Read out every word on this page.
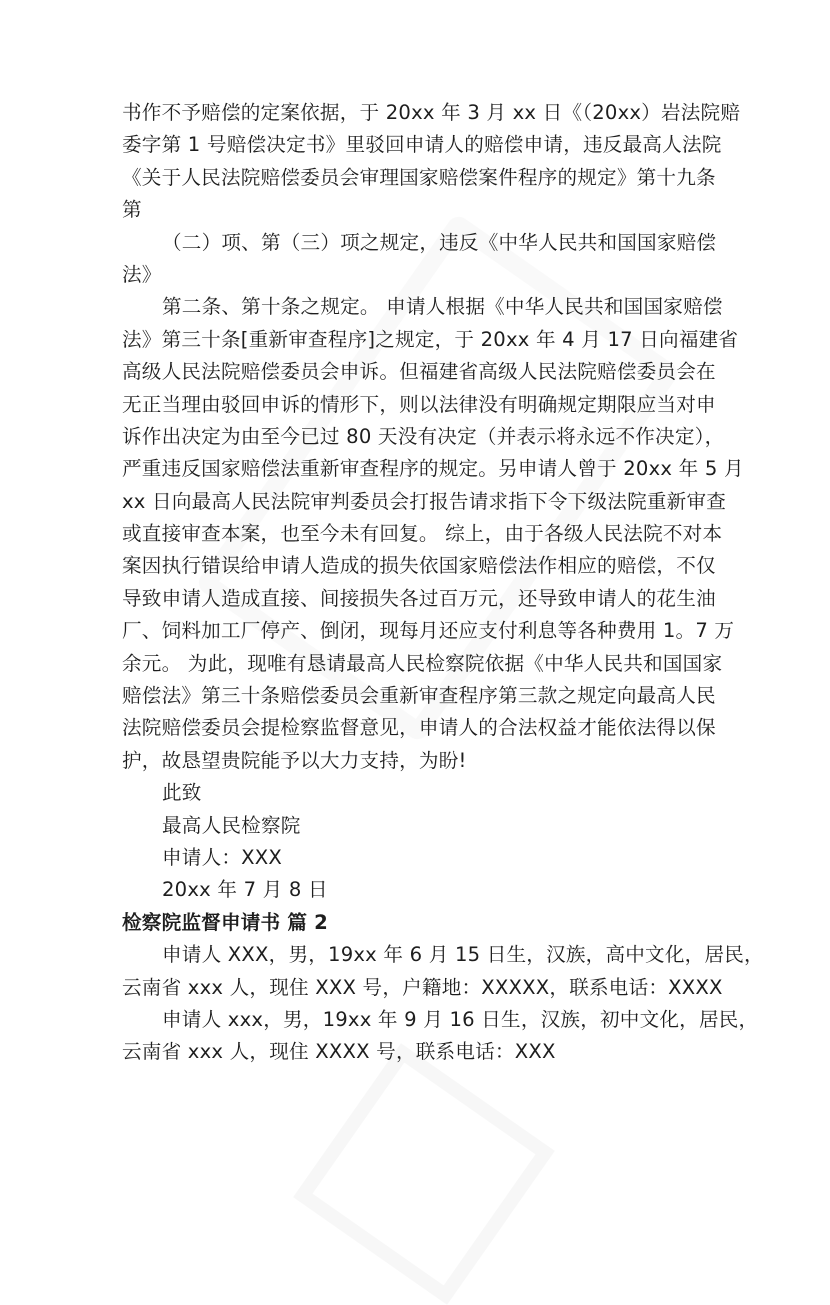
书作不予赔偿的定案依据，于 20xx 年 3 月 xx 日《（20xx）岩法院赔
委字第 1 号赔偿决定书》里驳回申请人的赔偿申请，违反最高人法院
《关于人民法院赔偿委员会审理国家赔偿案件程序的规定》第十九条
第
（二）项、第（三）项之规定，违反《中华人民共和国国家赔偿
法》
第二条、第十条之规定。 申请人根据《中华人民共和国国家赔偿
法》第三十条[重新审查程序]之规定，于 20xx 年 4 月 17 日向福建省
高级人民法院赔偿委员会申诉。但福建省高级人民法院赔偿委员会在
无正当理由驳回申诉的情形下，则以法律没有明确规定期限应当对申
诉作出决定为由至今已过 80 天没有决定（并表示将永远不作决定），
严重违反国家赔偿法重新审查程序的规定。另申请人曾于 20xx 年 5 月
xx 日向最高人民法院审判委员会打报告请求指下令下级法院重新审查
或直接审查本案，也至今未有回复。 综上，由于各级人民法院不对本
案因执行错误给申请人造成的损失依国家赔偿法作相应的赔偿，不仅
导致申请人造成直接、间接损失各过百万元，还导致申请人的花生油
厂、饲料加工厂停产、倒闭，现每月还应支付利息等各种费用 1。7 万
余元。 为此，现唯有恳请最高人民检察院依据《中华人民共和国国家
赔偿法》第三十条赔偿委员会重新审查程序第三款之规定向最高人民
法院赔偿委员会提检察监督意见，申请人的合法权益才能依法得以保
护，故恳望贵院能予以大力支持，为盼!
此致
最高人民检察院
申请人：XXX
20xx 年 7 月 8 日
检察院监督申请书 篇 2
申请人 XXX，男，19xx 年 6 月 15 日生，汉族，高中文化，居民，
云南省 xxx 人，现住 XXX 号，户籍地：XXXXX，联系电话：XXXX
申请人 xxx，男，19xx 年 9 月 16 日生，汉族，初中文化，居民，
云南省 xxx 人，现住 XXXX 号，联系电话：XXX
